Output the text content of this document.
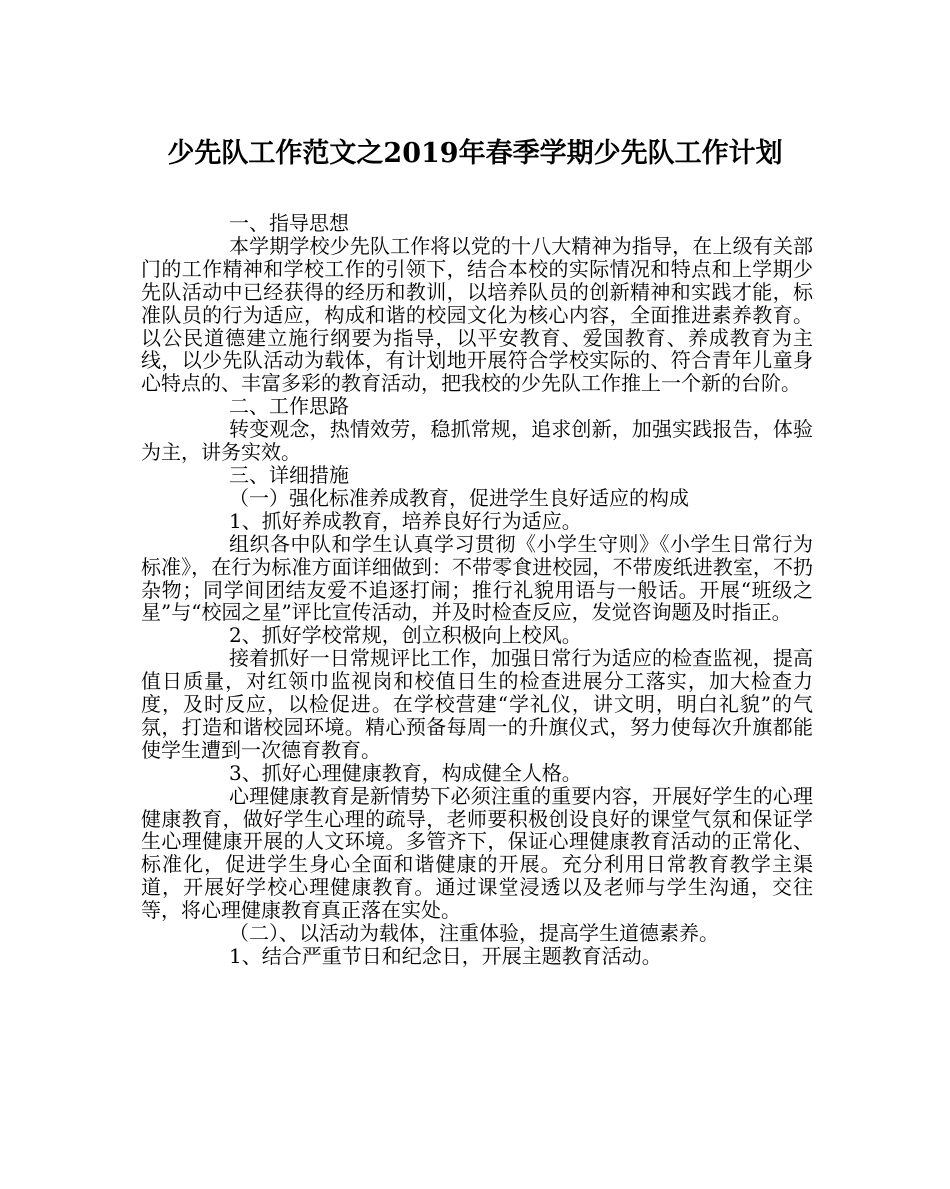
少先队工作范文之2019年春季学期少先队工作计划

一、指导思想

本学期学校少先队工作将以党的十八大精神为指导，在上级有关部门的工作精神和学校工作的引领下，结合本校的实际情况和特点和上学期少先队活动中已经获得的经历和教训，以培养队员的创新精神和实践才能，标准队员的行为适应，构成和谐的校园文化为核心内容，全面推进素养教育。以公民道德建立施行纲要为指导，以平安教育、爱国教育、养成教育为主线，以少先队活动为载体，有计划地开展符合学校实际的、符合青年儿童身心特点的、丰富多彩的教育活动，把我校的少先队工作推上一个新的台阶。

二、工作思路

转变观念，热情效劳，稳抓常规，追求创新，加强实践报告，体验为主，讲务实效。

三、详细措施

（一）强化标准养成教育，促进学生良好适应的构成

1、抓好养成教育，培养良好行为适应。

组织各中队和学生认真学习贯彻《小学生守则》《小学生日常行为标准》，在行为标准方面详细做到：不带零食进校园，不带废纸进教室，不扔杂物；同学间团结友爱不追逐打闹；推行礼貌用语与一般话。开展“班级之星”与“校园之星”评比宣传活动，并及时检查反应，发觉咨询题及时指正。

2、抓好学校常规，创立积极向上校风。

接着抓好一日常规评比工作，加强日常行为适应的检查监视，提高值日质量，对红领巾监视岗和校值日生的检查进展分工落实，加大检查力度，及时反应，以检促进。在学校营建“学礼仪，讲文明，明白礼貌”的气氛，打造和谐校园环境。精心预备每周一的升旗仪式，努力使每次升旗都能使学生遭到一次德育教育。

3、抓好心理健康教育，构成健全人格。

心理健康教育是新情势下必须注重的重要内容，开展好学生的心理健康教育，做好学生心理的疏导，老师要积极创设良好的课堂气氛和保证学生心理健康开展的人文环境。多管齐下，保证心理健康教育活动的正常化、标准化，促进学生身心全面和谐健康的开展。充分利用日常教育教学主渠道，开展好学校心理健康教育。通过课堂浸透以及老师与学生沟通，交往等，将心理健康教育真正落在实处。

（二）、以活动为载体，注重体验，提高学生道德素养。

1、结合严重节日和纪念日，开展主题教育活动。
